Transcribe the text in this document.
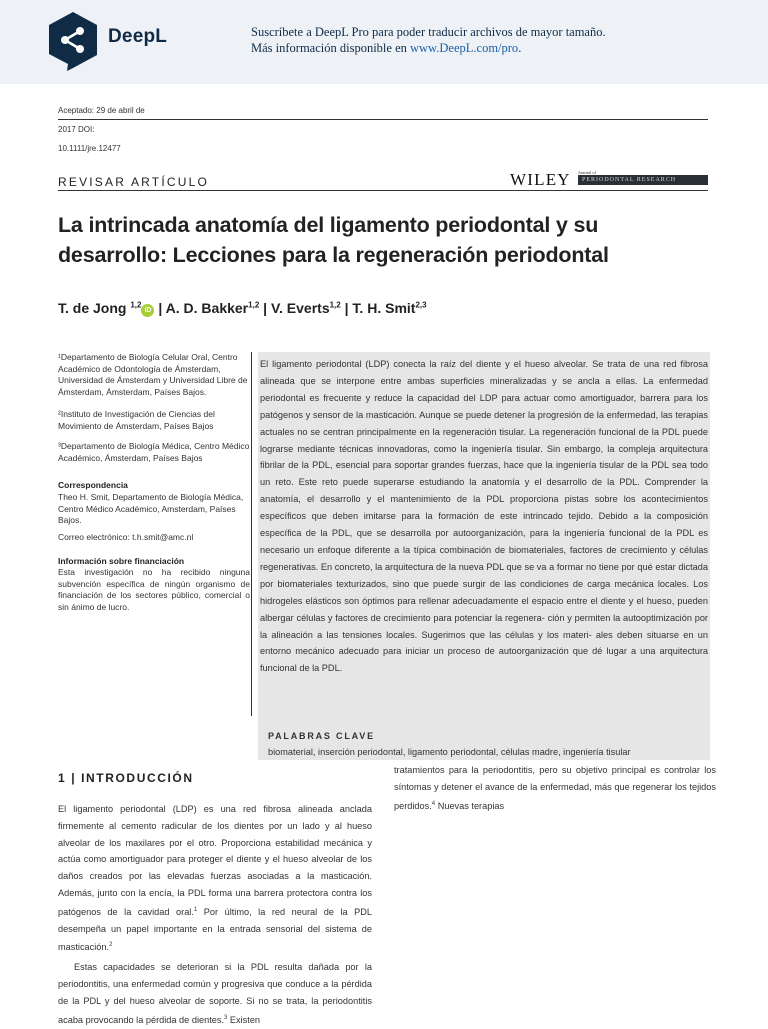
DeepL	Suscríbete a DeepL Pro para poder traducir archivos de mayor tamaño.
Más información disponible en www.DeepL.com/pro.
Aceptado: 29 de abril de
2017 DOI:
10.1111/jre.12477
REVISAR ARTÍCULO	WILEY Journal of
PERIODONTAL RESEARCH
La intrincada anatomía del ligamento periodontal y su desarrollo: Lecciones para la regeneración periodontal
T. de Jong $^{1,2}$iD | A. D. Bakker$^{1,2}$ | V. Everts$^{1,2}$ | T. H. Smit$^{2,3}$
¹Departamento de Biología Celular Oral, Centro Académico de Odontología de Ámsterdam, Universidad de Ámsterdam y Universidad Libre de Ámsterdam, Ámsterdam, Países Bajos.
²Instituto de Investigación de Ciencias del Movimiento de Ámsterdam, Países Bajos
³Departamento de Biología Médica, Centro Médico Académico, Ámsterdam, Países Bajos
Correspondencia
Theo H. Smit, Departamento de Biología Médica, Centro Médico Académico, Amsterdam, Países Bajos.
Correo electrónico: t.h.smit@amc.nl
Información sobre financiación
Esta investigación no ha recibido ninguna subvención específica de ningún organismo de financiación de los sectores público, comercial o sin ánimo de lucro.
El ligamento periodontal (LDP) conecta la raíz del diente y el hueso alveolar. Se trata de una red fibrosa alineada que se interpone entre ambas superficies mineralizadas y se ancla a ellas. La enfermedad periodontal es frecuente y reduce la capacidad del LDP para actuar como amortiguador, barrera para los patógenos y sensor de la masticación. Aunque se puede detener la progresión de la enfermedad, las terapias actuales no se centran principalmente en la regeneración tisular. La regeneración funcional de la PDL puede lograrse mediante técnicas innovadoras, como la ingeniería tisular. Sin embargo, la compleja arquitectura fibrilar de la PDL, esencial para soportar grandes fuerzas, hace que la ingeniería tisular de la PDL sea todo un reto. Este reto puede superarse estudiando la anatomía y el desarrollo de la PDL. Comprender la anatomía, el desarrollo y el mantenimiento de la PDL proporciona pistas sobre los acontecimientos específicos que deben imitarse para la formación de este intrincado tejido. Debido a la composición específica de la PDL, que se desarrolla por autoorganización, para la ingeniería funcional de la PDL es necesario un enfoque diferente a la típica combinación de biomateriales, factores de crecimiento y células regenerativas. En concreto, la arquitectura de la nueva PDL que se va a formar no tiene por qué estar dictada por biomateriales texturizados, sino que puede surgir de las condiciones de carga mecánica locales. Los hidrogeles elásticos son óptimos para rellenar adecuadamente el espacio entre el diente y el hueso, pueden albergar células y factores de crecimiento para potenciar la regenera- ción y permiten la autooptimización por la alineación a las tensiones locales. Sugerimos que las células y los materi- ales deben situarse en un entorno mecánico adecuado para iniciar un proceso de autoorganización que dé lugar a una arquitectura funcional de la PDL.
PALABRAS CLAVE
biomaterial, inserción periodontal, ligamento periodontal, células madre, ingeniería tisular
1 | INTRODUCCIÓN

El ligamento periodontal (LDP) es una red fibrosa alineada anclada firmemente al cemento radicular de los dientes por un lado y al hueso alveolar de los maxilares por el otro. Proporciona estabilidad mecánica y actúa como amortiguador para proteger el diente y el hueso alveolar de los daños creados por las elevadas fuerzas asociadas a la masticación. Además, junto con la encía, la PDL forma una barrera protectora contra los patógenos de la cavidad oral.$^1$ Por último, la red neural de la PDL desempeña un papel importante en la entrada sensorial del sistema de masticación.$^2$

Estas capacidades se deterioran si la PDL resulta dañada por la periodontitis, una enfermedad común y progresiva que conduce a la pérdida de la PDL y del hueso alveolar de soporte. Si no se trata, la periodontitis acaba provocando la pérdida de dientes.$^3$ Existen

tratamientos para la periodontitis, pero su objetivo principal es controlar los síntomas y detener el avance de la enfermedad, más que regenerar los tejidos perdidos.$^4$ Nuevas terapias
